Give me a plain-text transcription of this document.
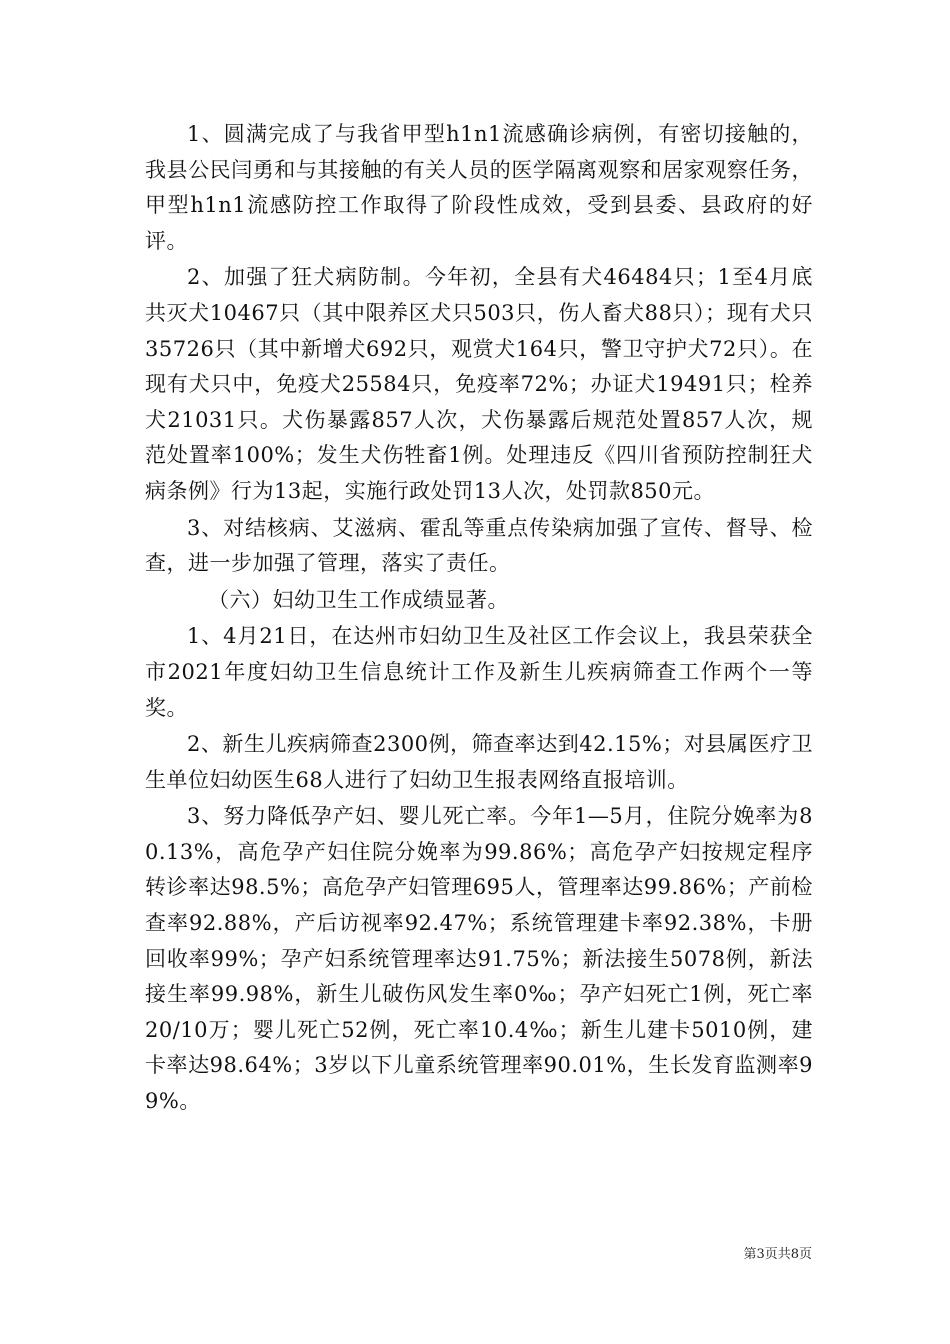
1、圆满完成了与我省甲型h1n1流感确诊病例，有密切接触的，我县公民闫勇和与其接触的有关人员的医学隔离观察和居家观察任务，甲型h1n1流感防控工作取得了阶段性成效，受到县委、县政府的好评。

2、加强了狂犬病防制。今年初，全县有犬46484只；1至4月底共灭犬10467只（其中限养区犬只503只，伤人畜犬88只）；现有犬只35726只（其中新增犬692只，观赏犬164只，警卫守护犬72只）。在现有犬只中，免疫犬25584只，免疫率72%；办证犬19491只；栓养犬21031只。犬伤暴露857人次，犬伤暴露后规范处置857人次，规范处置率100%；发生犬伤牲畜1例。处理违反《四川省预防控制狂犬病条例》行为13起，实施行政处罚13人次，处罚款850元。

3、对结核病、艾滋病、霍乱等重点传染病加强了宣传、督导、检查，进一步加强了管理，落实了责任。

（六）妇幼卫生工作成绩显著。

1、4月21日，在达州市妇幼卫生及社区工作会议上，我县荣获全市2021年度妇幼卫生信息统计工作及新生儿疾病筛查工作两个一等奖。

2、新生儿疾病筛查2300例，筛查率达到42.15%；对县属医疗卫生单位妇幼医生68人进行了妇幼卫生报表网络直报培训。

3、努力降低孕产妇、婴儿死亡率。今年1—5月，住院分娩率为80.13%，高危孕产妇住院分娩率为99.86%；高危孕产妇按规定程序转诊率达98.5%；高危孕产妇管理695人，管理率达99.86%；产前检查率92.88%，产后访视率92.47%；系统管理建卡率92.38%，卡册回收率99%；孕产妇系统管理率达91.75%；新法接生5078例，新法接生率99.98%，新生儿破伤风发生率0‰；孕产妇死亡1例，死亡率20/10万；婴儿死亡52例，死亡率10.4‰；新生儿建卡5010例，建卡率达98.64%；3岁以下儿童系统管理率90.01%，生长发育监测率99%。

第3页共8页
